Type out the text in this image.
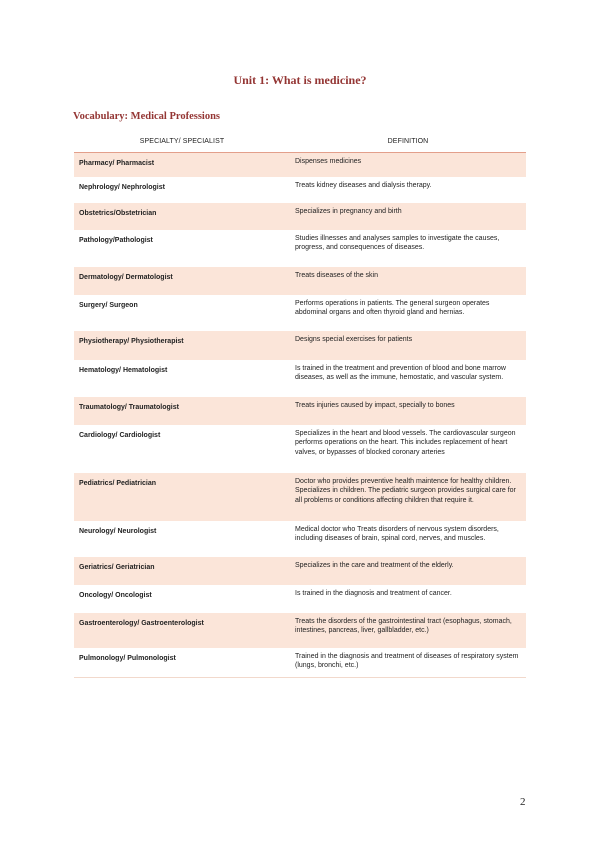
Unit 1: What is medicine?
Vocabulary: Medical Professions
SPECIALTY/ SPECIALIST	DEFINITION
Pharmacy/ Pharmacist	Dispenses medicines
Nephrology/ Nephrologist	Treats kidney diseases and dialysis therapy.
Obstetrics/Obstetrician	Specializes in pregnancy and birth
Pathology/Pathologist	Studies illnesses and analyses samples to investigate the causes, progress, and consequences of diseases.
Dermatology/ Dermatologist	Treats diseases of the skin
Surgery/ Surgeon	Performs operations in patients. The general surgeon operates abdominal organs and often thyroid gland and hernias.
Physiotherapy/ Physiotherapist	Designs special exercises for patients
Hematology/ Hematologist	Is trained in the treatment and prevention of blood and bone marrow diseases, as well as the immune, hemostatic, and vascular system.
Traumatology/ Traumatologist	Treats injuries caused by impact, specially to bones
Cardiology/ Cardiologist	Specializes in the heart and blood vessels. The cardiovascular surgeon performs operations on the heart. This includes replacement of heart valves, or bypasses of blocked coronary arteries
Pediatrics/ Pediatrician	Doctor who provides preventive health maintence for healthy children. Specializes in children. The pediatric surgeon provides surgical care for all problems or conditions affecting children that require it.
Neurology/ Neurologist	Medical doctor who Treats disorders of nervous system disorders, including diseases of brain, spinal cord, nerves, and muscles.
Geriatrics/ Geriatrician	Specializes in the care and treatment of the elderly.
Oncology/ Oncologist	Is trained in the diagnosis and treatment of cancer.
Gastroenterology/ Gastroenterologist	Treats the disorders of the gastrointestinal tract (esophagus, stomach, intestines, pancreas, liver, gallbladder, etc.)
Pulmonology/ Pulmonologist	Trained in the diagnosis and treatment of diseases of respiratory system (lungs, bronchi, etc.)

2
